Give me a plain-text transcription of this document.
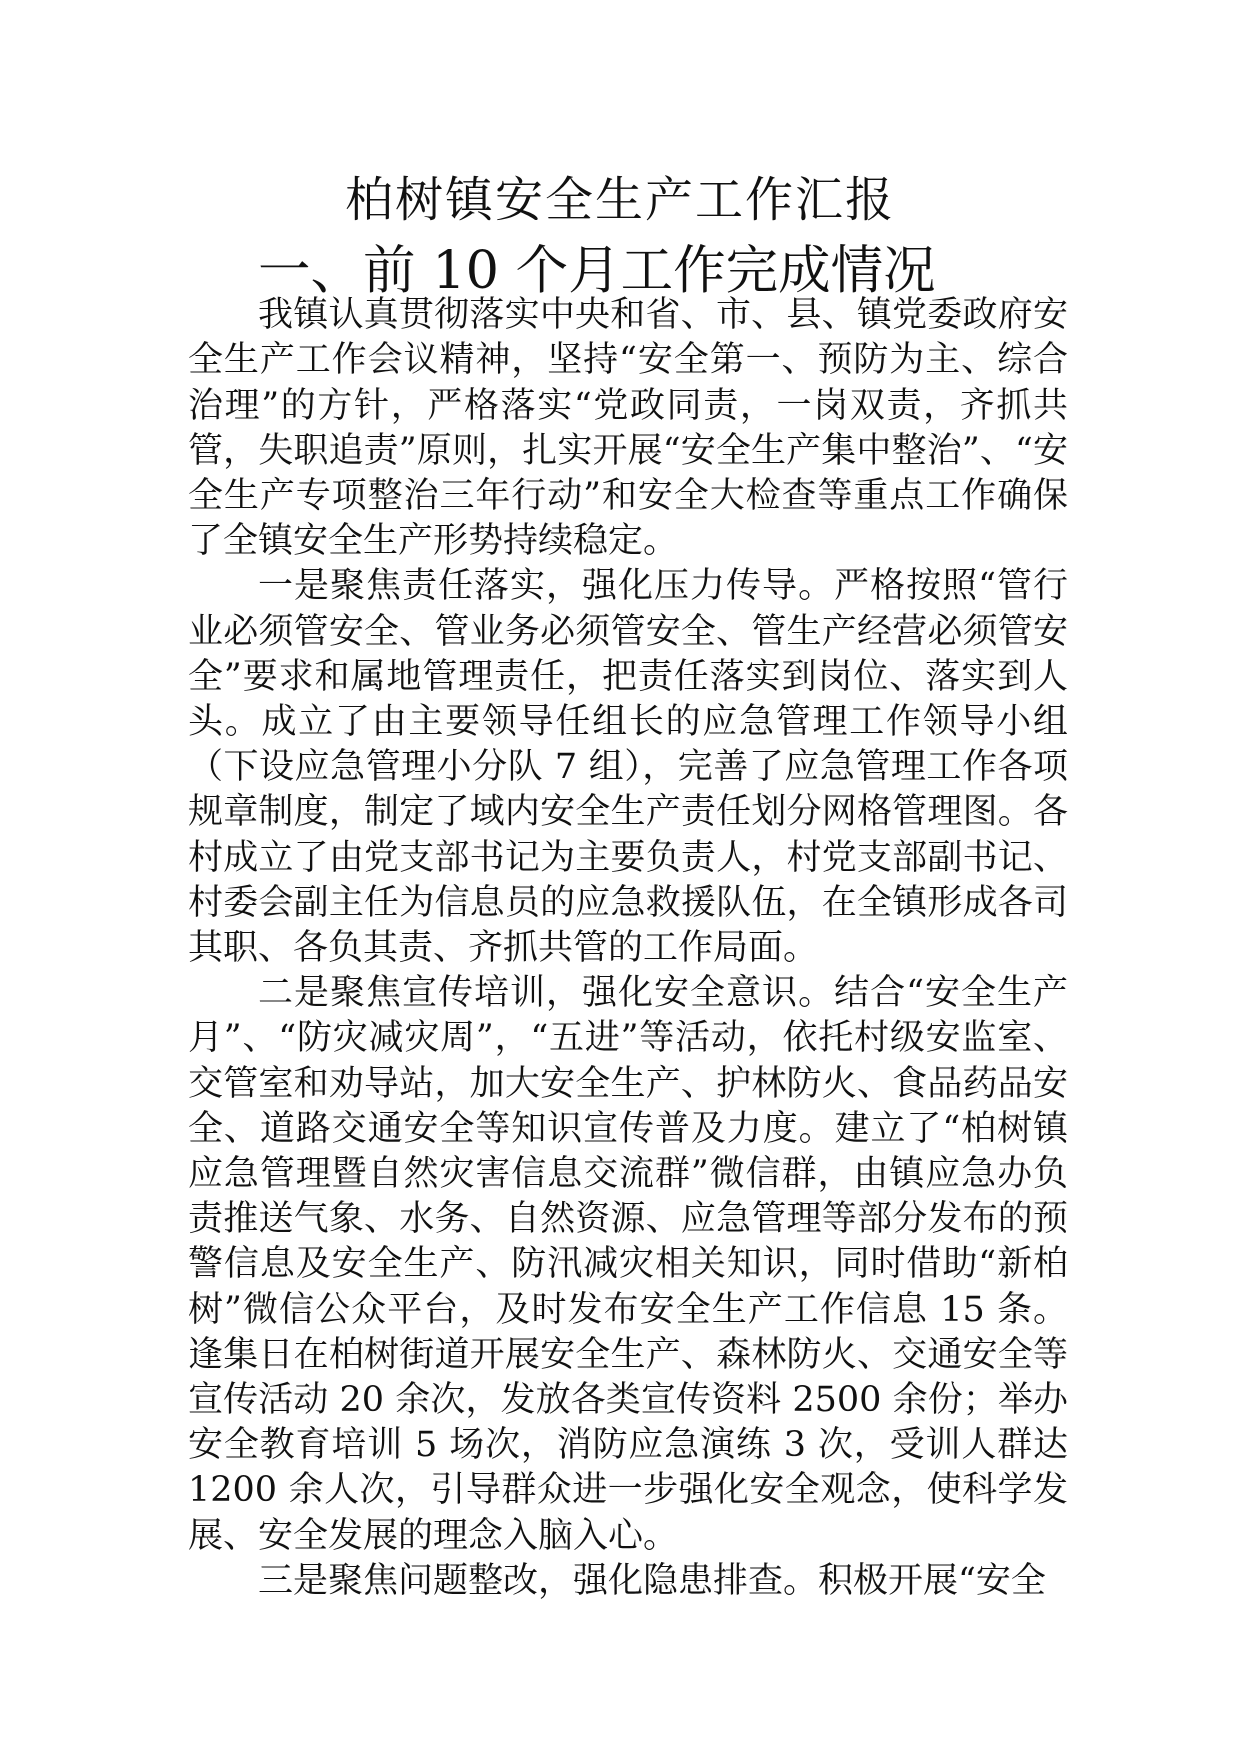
柏树镇安全生产工作汇报
一、前 10 个月工作完成情况

我镇认真贯彻落实中央和省、市、县、镇党委政府安全生产工作会议精神，坚持“安全第一、预防为主、综合治理”的方针，严格落实“党政同责，一岗双责，齐抓共管，失职追责”原则，扎实开展“安全生产集中整治”、“安全生产专项整治三年行动”和安全大检查等重点工作确保了全镇安全生产形势持续稳定。

一是聚焦责任落实，强化压力传导。严格按照“管行业必须管安全、管业务必须管安全、管生产经营必须管安全”要求和属地管理责任，把责任落实到岗位、落实到人头。成立了由主要领导任组长的应急管理工作领导小组（下设应急管理小分队 7 组），完善了应急管理工作各项规章制度，制定了域内安全生产责任划分网格管理图。各村成立了由党支部书记为主要负责人，村党支部副书记、村委会副主任为信息员的应急救援队伍，在全镇形成各司其职、各负其责、齐抓共管的工作局面。

二是聚焦宣传培训，强化安全意识。结合“安全生产月”、“防灾减灾周”，“五进”等活动，依托村级安监室、交管室和劝导站，加大安全生产、护林防火、食品药品安全、道路交通安全等知识宣传普及力度。建立了“柏树镇应急管理暨自然灾害信息交流群”微信群，由镇应急办负责推送气象、水务、自然资源、应急管理等部分发布的预警信息及安全生产、防汛减灾相关知识，同时借助“新柏树”微信公众平台，及时发布安全生产工作信息 15 条。逢集日在柏树街道开展安全生产、森林防火、交通安全等宣传活动 20 余次，发放各类宣传资料 2500 余份；举办安全教育培训 5 场次，消防应急演练 3 次，受训人群达 1200 余人次，引导群众进一步强化安全观念，使科学发展、安全发展的理念入脑入心。

三是聚焦问题整改，强化隐患排查。积极开展“安全
